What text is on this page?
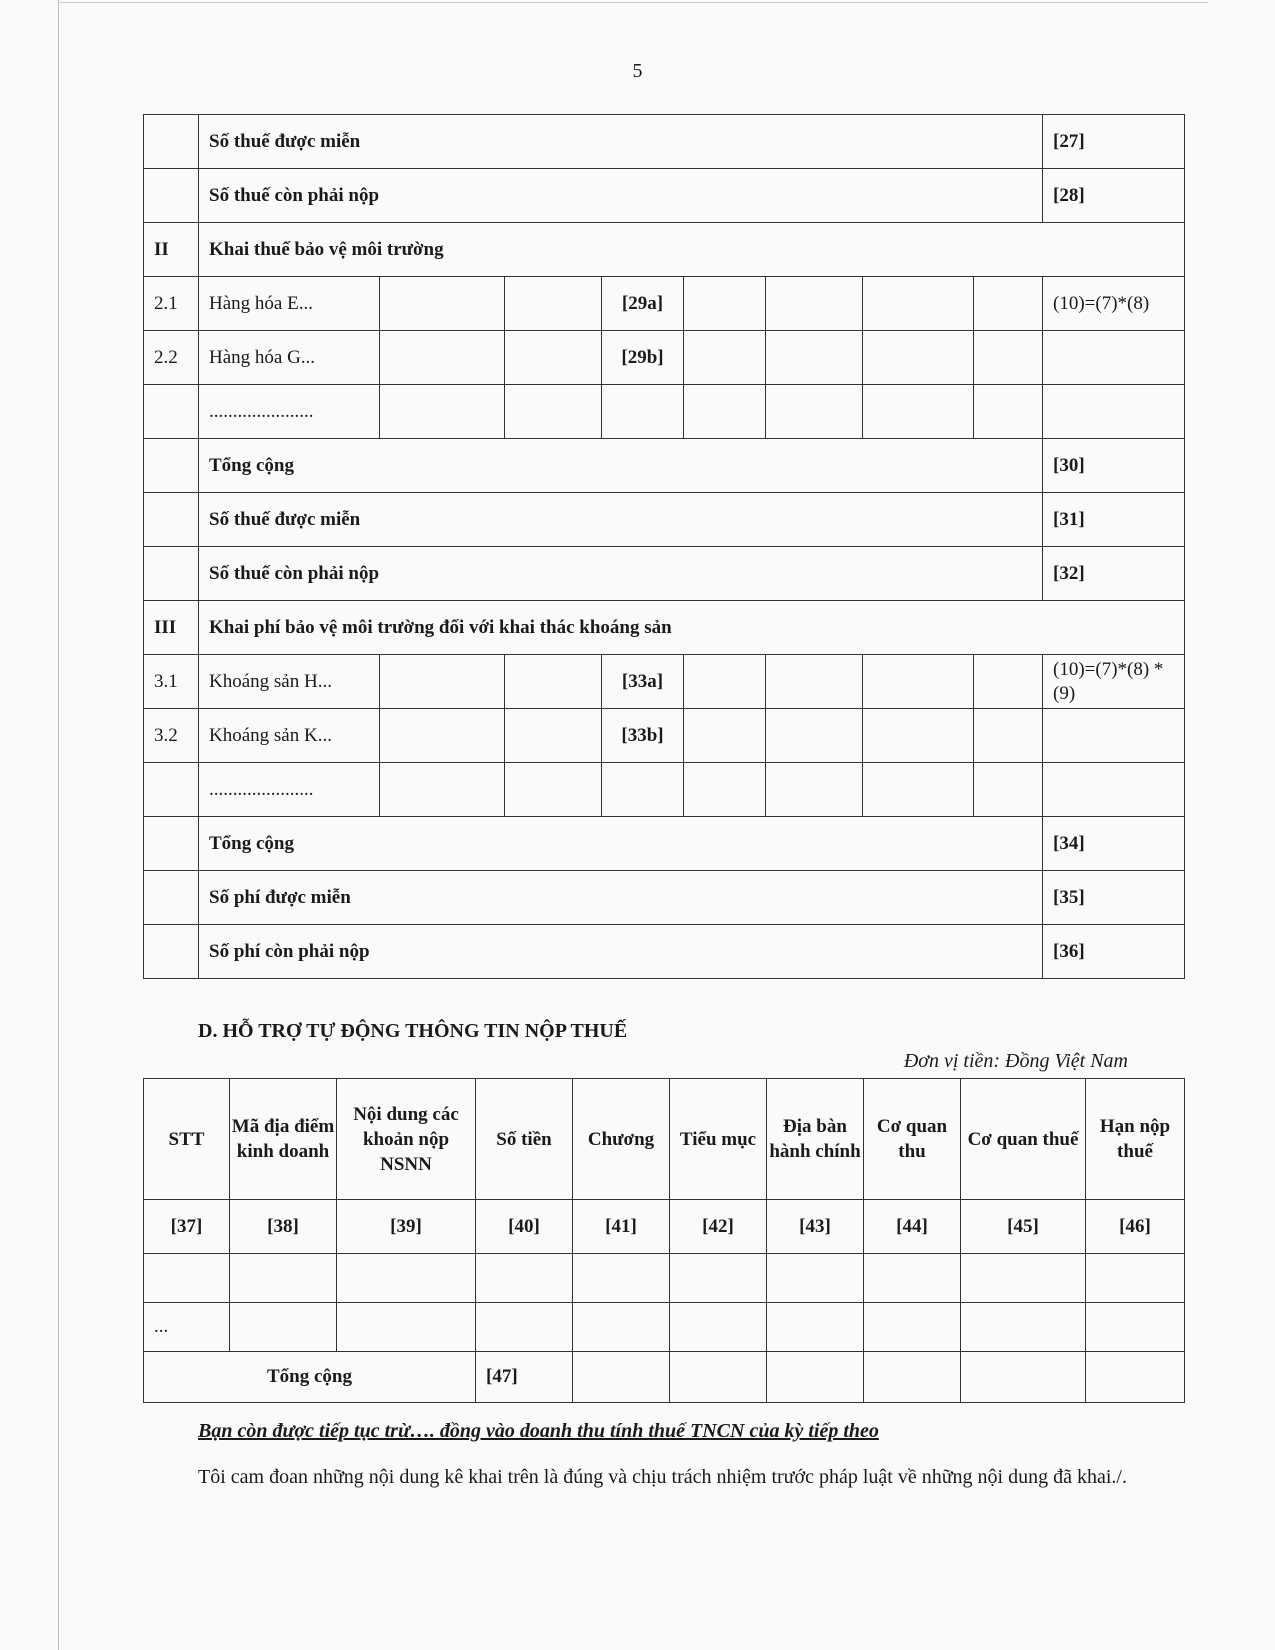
5
	Số thuế được miễn								[27]
	Số thuế còn phải nộp								[28]
II	Khai thuế bảo vệ môi trường								
2.1	Hàng hóa E...			[29a]					(10)=(7)*(8)
2.2	Hàng hóa G...			[29b]					
	......................								
	Tổng cộng								[30]
	Số thuế được miễn								[31]
	Số thuế còn phải nộp								[32]
III	Khai phí bảo vệ môi trường đối với khai thác khoáng sản								
3.1	Khoáng sản H...			[33a]					(10)=(7)*(8) *(9)
3.2	Khoáng sản K...			[33b]					
	......................								
	Tổng cộng								[34]
	Số phí được miễn								[35]
	Số phí còn phải nộp								[36]
D. HỖ TRỢ TỰ ĐỘNG THÔNG TIN NỘP THUẾ
Đơn vị tiền: Đồng Việt Nam
STT	Mã địa điểm kinh doanh	Nội dung các khoản nộp NSNN	Số tiền	Chương	Tiểu mục	Địa bàn hành chính	Cơ quan thu	Cơ quan thuế	Hạn nộp thuế
[37]	[38]	[39]	[40]	[41]	[42]	[43]	[44]	[45]	[46]

...									
Tổng cộng			[47]						
Bạn còn được tiếp tục trừ…. đồng vào doanh thu tính thuế TNCN của kỳ tiếp theo
Tôi cam đoan những nội dung kê khai trên là đúng và chịu trách nhiệm trước pháp luật về những nội dung đã khai./.
